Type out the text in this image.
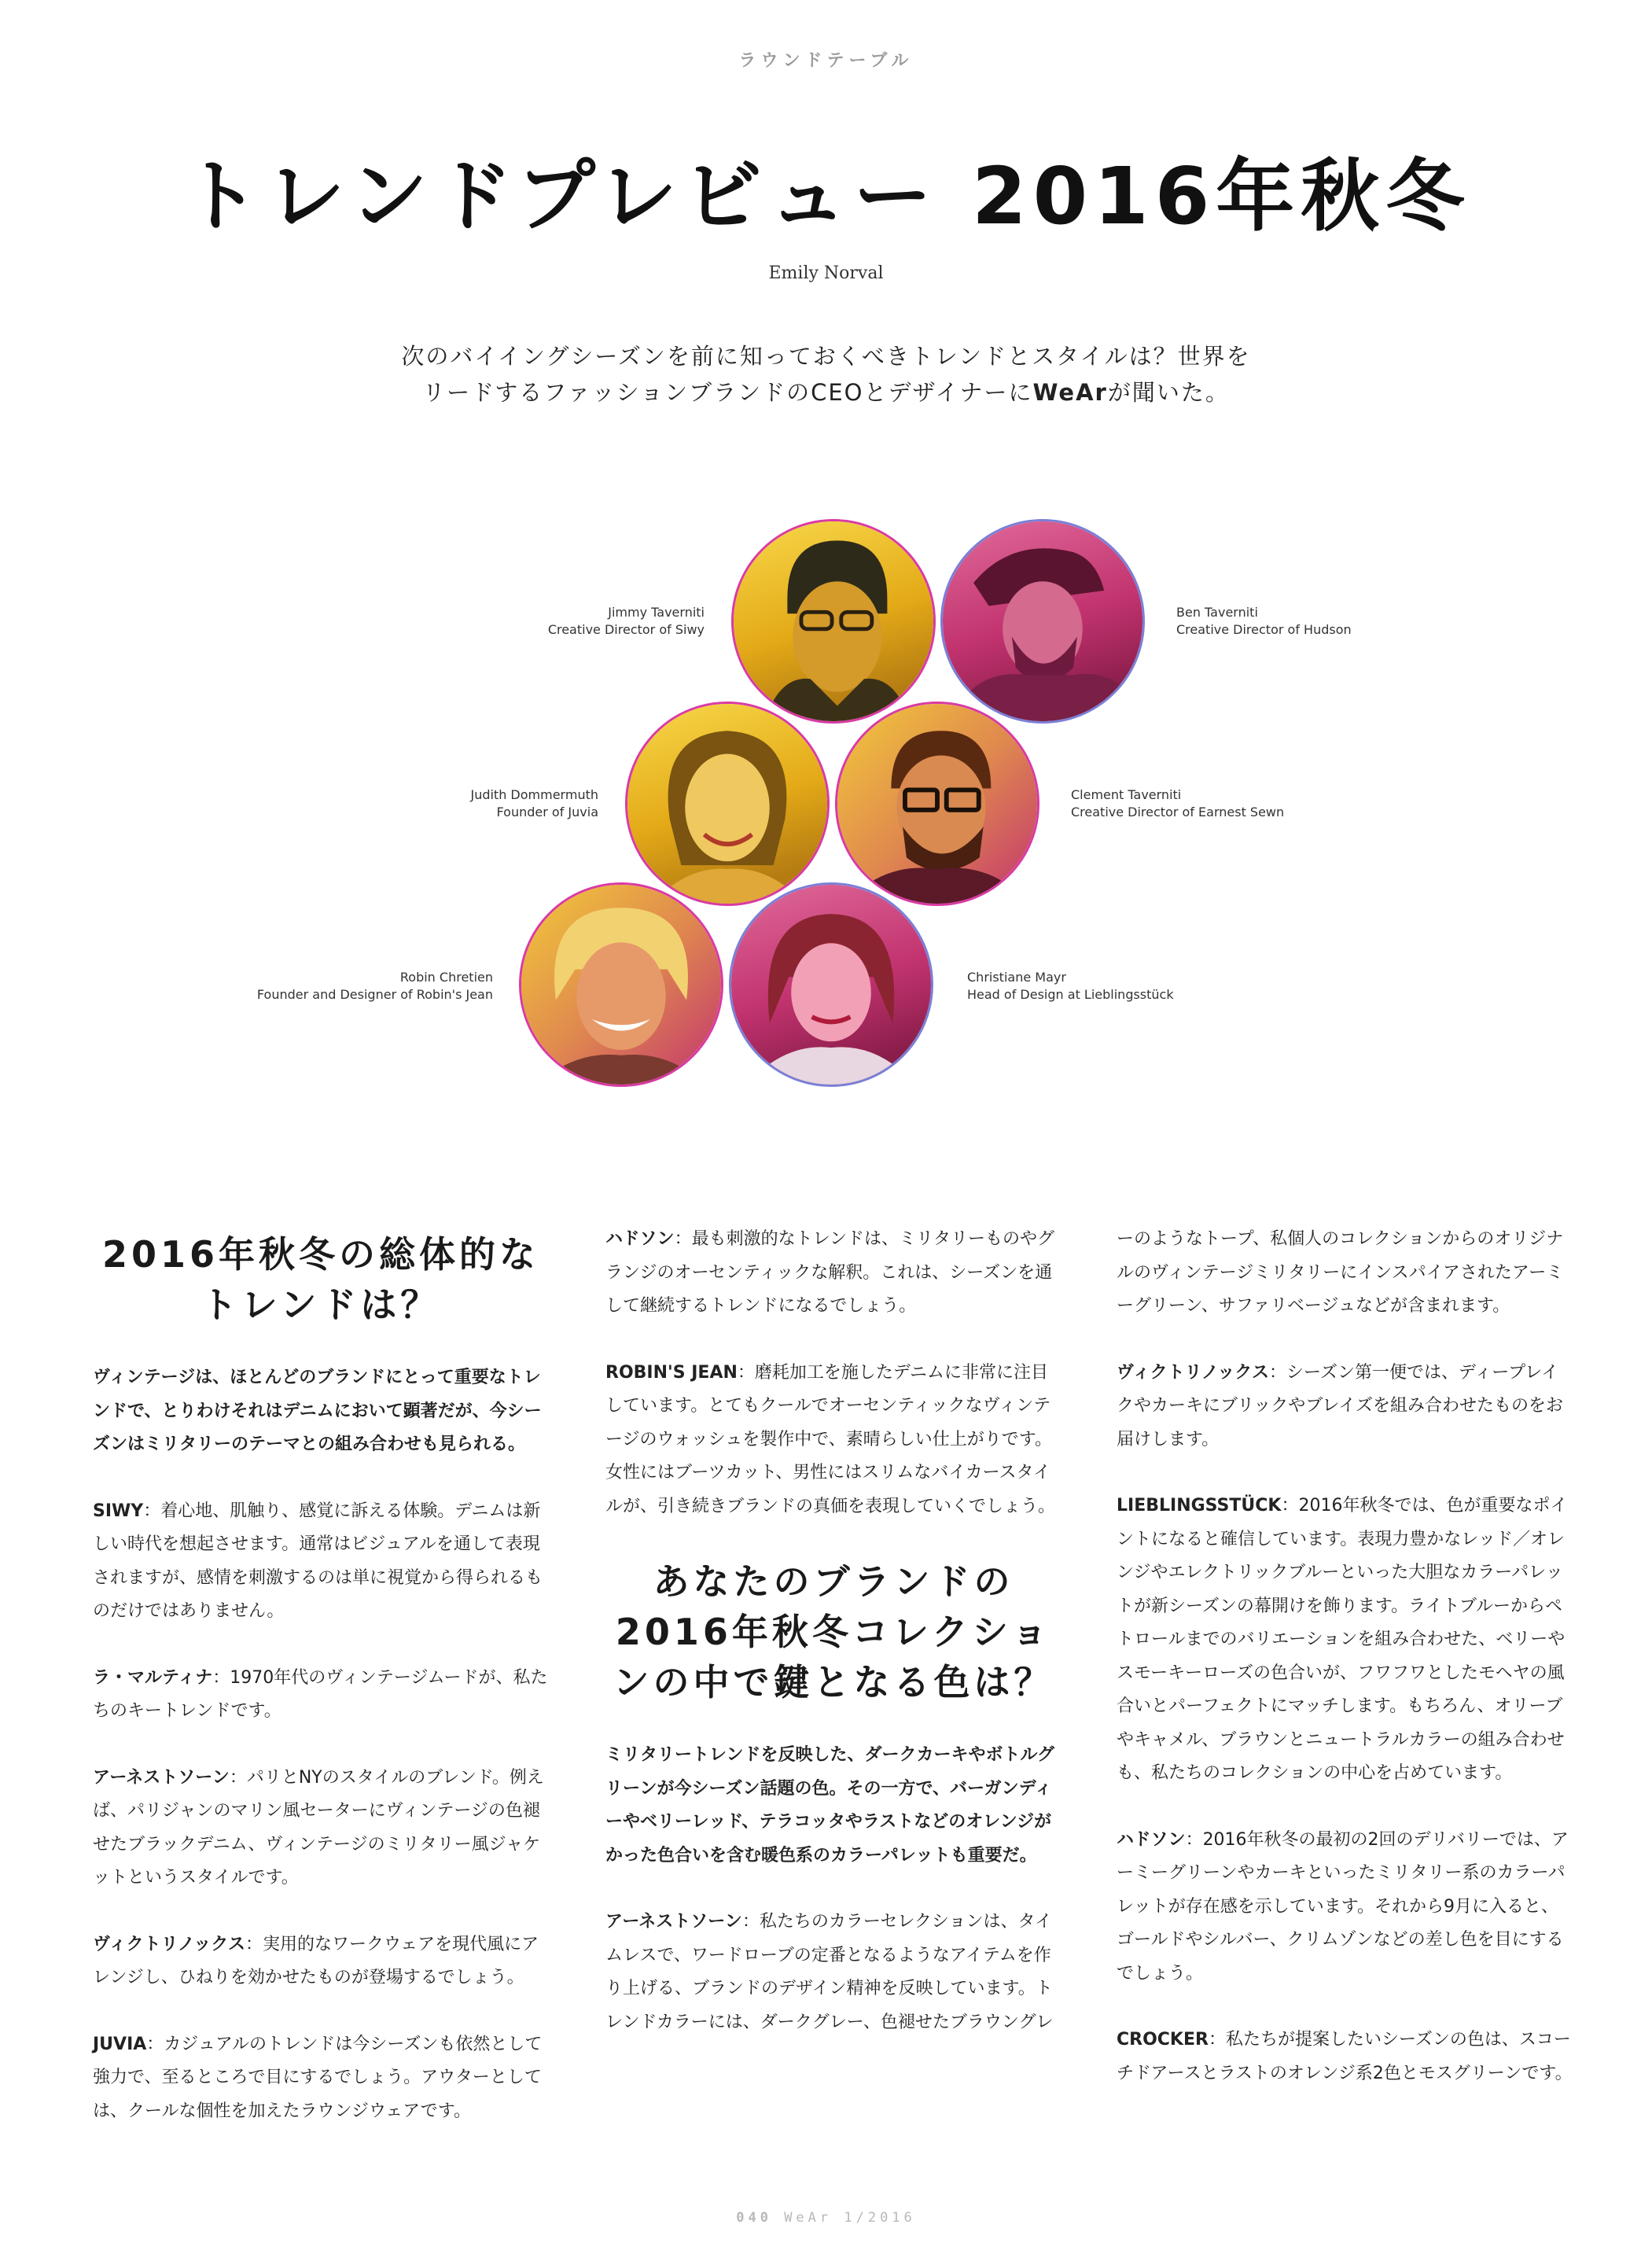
ラウンドテーブル
トレンドプレビュー 2016年秋冬
Emily Norval
次のバイイングシーズンを前に知っておくべきトレンドとスタイルは？世界を
リードするファッションブランドのCEOとデザイナーにWeArが聞いた。
Jimmy Taverniti
Creative Director of Siwy
Ben Taverniti
Creative Director of Hudson
Judith Dommermuth
Founder of Juvia
Clement Taverniti
Creative Director of Earnest Sewn
Robin Chretien
Founder and Designer of Robin's Jean
Christiane Mayr
Head of Design at Lieblingsstück
2016年秋冬の総体的な
トレンドは？

ヴィンテージは、ほとんどのブランドにとって重要なトレンドで、とりわけそれはデニムにおいて顕著だが、今シーズンはミリタリーのテーマとの組み合わせも見られる。

SIWY：着心地、肌触り、感覚に訴える体験。デニムは新しい時代を想起させます。通常はビジュアルを通して表現されますが、感情を刺激するのは単に視覚から得られるものだけではありません。

ラ・マルティナ：1970年代のヴィンテージムードが、私たちのキートレンドです。

アーネストソーン：パリとNYのスタイルのブレンド。例えば、パリジャンのマリン風セーターにヴィンテージの色褪せたブラックデニム、ヴィンテージのミリタリー風ジャケットというスタイルです。

ヴィクトリノックス：実用的なワークウェアを現代風にアレンジし、ひねりを効かせたものが登場するでしょう。

JUVIA：カジュアルのトレンドは今シーズンも依然として強力で、至るところで目にするでしょう。アウターとしては、クールな個性を加えたラウンジウェアです。

ハドソン：最も刺激的なトレンドは、ミリタリーものやグランジのオーセンティックな解釈。これは、シーズンを通して継続するトレンドになるでしょう。

ROBIN'S JEAN：磨耗加工を施したデニムに非常に注目しています。とてもクールでオーセンティックなヴィンテージのウォッシュを製作中で、素晴らしい仕上がりです。女性にはブーツカット、男性にはスリムなバイカースタイルが、引き続きブランドの真価を表現していくでしょう。

あなたのブランドの
2016年秋冬コレクショ
ンの中で鍵となる色は？

ミリタリートレンドを反映した、ダークカーキやボトルグリーンが今シーズン話題の色。その一方で、バーガンディーやベリーレッド、テラコッタやラストなどのオレンジがかった色合いを含む暖色系のカラーパレットも重要だ。

アーネストソーン：私たちのカラーセレクションは、タイムレスで、ワードローブの定番となるようなアイテムを作り上げる、ブランドのデザイン精神を反映しています。トレンドカラーには、ダークグレー、色褪せたブラウングレ

ーのようなトープ、私個人のコレクションからのオリジナルのヴィンテージミリタリーにインスパイアされたアーミーグリーン、サファリベージュなどが含まれます。

ヴィクトリノックス：シーズン第一便では、ディープレイクやカーキにブリックやブレイズを組み合わせたものをお届けします。

LIEBLINGSSTÜCK：2016年秋冬では、色が重要なポイントになると確信しています。表現力豊かなレッド／オレンジやエレクトリックブルーといった大胆なカラーパレットが新シーズンの幕開けを飾ります。ライトブルーからペトロールまでのバリエーションを組み合わせた、ベリーやスモーキーローズの色合いが、フワフワとしたモヘヤの風合いとパーフェクトにマッチします。もちろん、オリーブやキャメル、ブラウンとニュートラルカラーの組み合わせも、私たちのコレクションの中心を占めています。

ハドソン：2016年秋冬の最初の2回のデリバリーでは、アーミーグリーンやカーキといったミリタリー系のカラーパレットが存在感を示しています。それから9月に入ると、ゴールドやシルバー、クリムゾンなどの差し色を目にするでしょう。

CROCKER：私たちが提案したいシーズンの色は、スコーチドアースとラストのオレンジ系2色とモスグリーンです。

040 WeAr 1/2016
